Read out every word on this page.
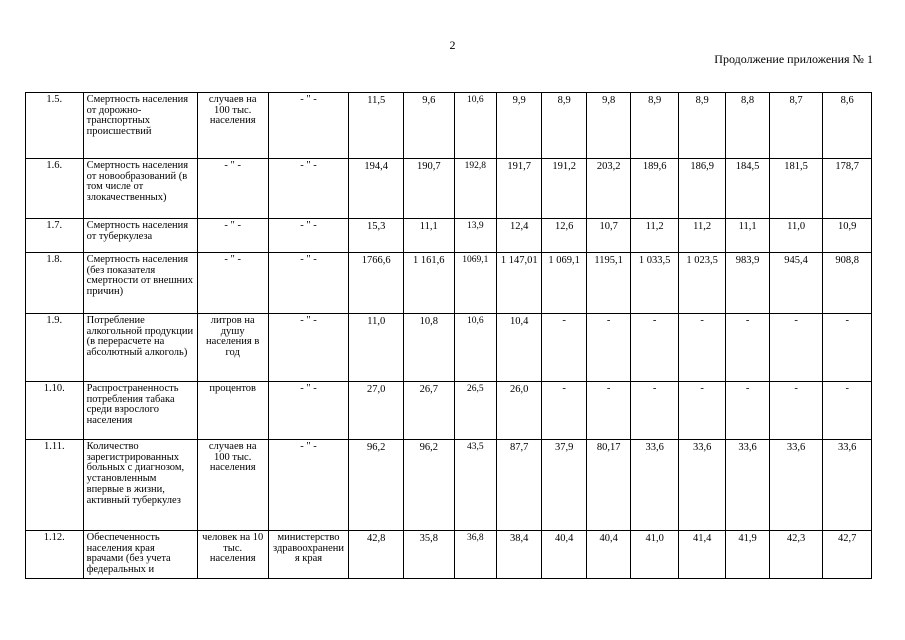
2
Продолжение приложения № 1
1.5.	Смертность населения от дорожно-транспортных происшествий	случаев на 100 тыс. населения	- " -	11,5	9,6	10,6	9,9	8,9	9,8	8,9	8,9	8,8	8,7	8,6
1.6.	Смертность населения от новообразований (в том числе от злокачественных)	- " -	- " -	194,4	190,7	192,8	191,7	191,2	203,2	189,6	186,9	184,5	181,5	178,7
1.7.	Смертность населения от туберкулеза	- " -	- " -	15,3	11,1	13,9	12,4	12,6	10,7	11,2	11,2	11,1	11,0	10,9
1.8.	Смертность населения (без показателя смертности от внешних причин)	- " -	- " -	1766,6	1 161,6	1069,1	1 147,01	1 069,1	1195,1	1 033,5	1 023,5	983,9	945,4	908,8
1.9.	Потребление алкогольной продукции (в перерасчете на абсолютный алкоголь)	литров на душу населения в год	- " -	11,0	10,8	10,6	10,4	-	-	-	-	-	-	-
1.10.	Распространенность потребления табака среди взрослого населения	процентов	- " -	27,0	26,7	26,5	26,0	-	-	-	-	-	-	-
1.11.	Количество зарегистрированных больных с диагнозом, установленным впервые в жизни, активный туберкулез	случаев на 100 тыс. населения	- " -	96,2	96,2	43,5	87,7	37,9	80,17	33,6	33,6	33,6	33,6	33,6
1.12.	Обеспеченность населения края врачами (без учета федеральных и	человек на 10 тыс. населения	министерство здравоохранения края	42,8	35,8	36,8	38,4	40,4	40,4	41,0	41,4	41,9	42,3	42,7
